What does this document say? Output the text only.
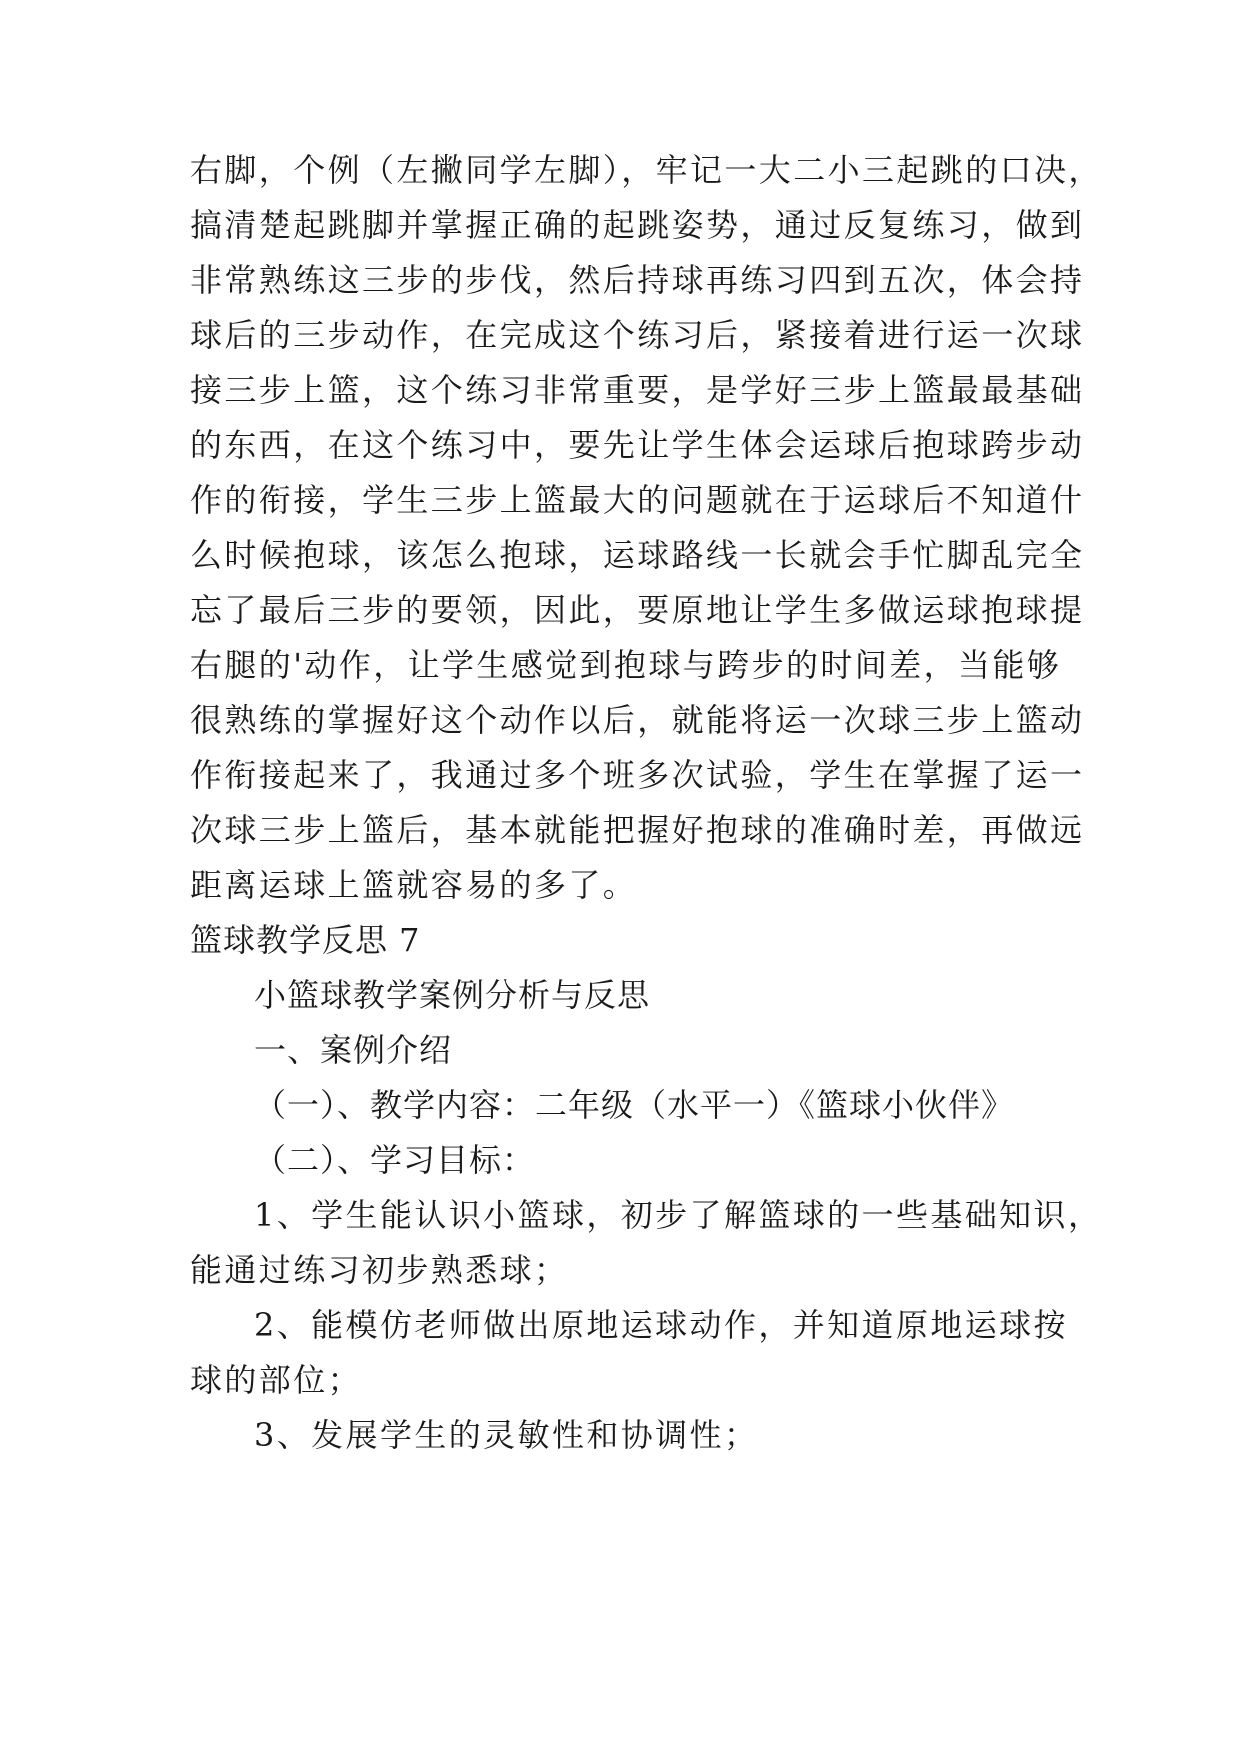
右脚，个例（左撇同学左脚），牢记一大二小三起跳的口决，
搞清楚起跳脚并掌握正确的起跳姿势，通过反复练习，做到
非常熟练这三步的步伐，然后持球再练习四到五次，体会持
球后的三步动作，在完成这个练习后，紧接着进行运一次球
接三步上篮，这个练习非常重要，是学好三步上篮最最基础
的东西，在这个练习中，要先让学生体会运球后抱球跨步动
作的衔接，学生三步上篮最大的问题就在于运球后不知道什
么时候抱球，该怎么抱球，运球路线一长就会手忙脚乱完全
忘了最后三步的要领，因此，要原地让学生多做运球抱球提
右腿的'动作，让学生感觉到抱球与跨步的时间差，当能够
很熟练的掌握好这个动作以后，就能将运一次球三步上篮动
作衔接起来了，我通过多个班多次试验，学生在掌握了运一
次球三步上篮后，基本就能把握好抱球的准确时差，再做远
距离运球上篮就容易的多了。
篮球教学反思 7
小篮球教学案例分析与反思
一、案例介绍
（一）、教学内容：二年级（水平一）《篮球小伙伴》
（二）、学习目标：
1、学生能认识小篮球，初步了解篮球的一些基础知识，
能通过练习初步熟悉球；
2、能模仿老师做出原地运球动作，并知道原地运球按
球的部位；
3、发展学生的灵敏性和协调性；
